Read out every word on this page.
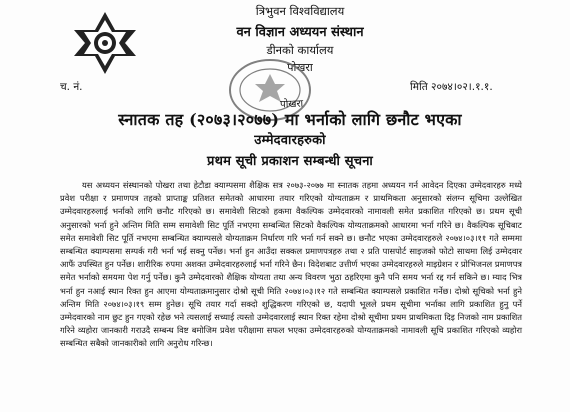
त्रिभुवन विश्वविद्यालय
वन विज्ञान अध्ययन संस्थान
डीनको कार्यालय
पोखरा
च. नं.	मिति २०७४।०२।.१.१.
पोखरा
स्नातक तह (२०७३।२०७७) मा भर्नाको लागि छनौट भएका
उम्मेदवारहरुको
प्रथम सूची प्रकाशन सम्बन्धी सूचना
यस अध्ययन संस्थानको पोखरा तथा हेटौडा क्याम्पसमा शैक्षिक सत्र २०७३-२०७७ मा स्नातक तहमा अध्ययन गर्न आवेदन दिएका उम्मेदवारहरु मध्ये प्रवेश परीक्षा र प्रमाणपत्र तहको प्राप्ताङ्क प्रतिशत समेतको आधारमा तयार गरिएको योग्यताक्रम र प्राथमिकता अनुसारको संलग्न सूचिमा उल्लेखित उम्मेदवारहरुलाई भर्नाको लागि छनौट गरिएको छ। समावेशी सिटको हकमा वैकल्पिक उम्मेदवारको नामावली समेत प्रकाशित गरिएको छ। प्रथम सूची अनुसारको भर्ना हुने अन्तिम मिति सम्म समावेशी सिट पूर्ति नभएमा सम्बन्धित सिटको वैकल्पिक योग्यताक्रमको आधारमा भर्ना गरिने छ। वैकल्पिक सूचिबाट समेत समावेशी सिट पूर्ति नभएमा सम्बन्धित क्याम्पसले योग्यताक्रम निर्धारण गरि भर्ना गर्न सक्ने छ। छनौट भएका उम्मेदवारहरुले २०७४।०३।११ गते सम्ममा सम्बन्धित क्याम्पसमा सम्पर्क गरी भर्ना भई सक्नु पर्नेछ। भर्ना हुन आउँदा सक्कल प्रमाणपत्रहरु तथा २ प्रति पासपोर्ट साइजको फोटो साथमा लिई उम्मेदवार आफैं उपस्थित हुन पर्नेछ। शारीरिक रुपमा अशक्त उम्मेदवारहरुलाई भर्ना गरिने छैन। विदेशबाट उत्तीर्ण भएका उम्मेदवारहरुले माइग्रेशन र प्रोभिजनल प्रमाणपत्र समेत भर्नाको समयमा पेश गर्नु पर्नेछ। कुनै उम्मेदवारको शैक्षिक योग्यता तथा अन्य विवरण भुठा ठहरिएमा कुनै पनि समय भर्ना रद्द गर्न सकिने छ। म्याद भित्र भर्ना हुन नआई स्थान रिक्त हुन आएमा योग्यताक्रमानुसार दोश्रो सूची मिति २०७४।०३।१२ गते सम्बन्धित क्याम्पसले प्रकाशित गर्नेछ। दोश्रो सूचिको भर्ना हुने अन्तिम मिति २०७४।०३।१९ सम्म हुनेछ। सूचि तयार गर्दा सक्दो शुद्धिकरण गरिएको छ, यदापी भूलले प्रथम सूचीमा भर्नाका लागि प्रकाशित हुनु पर्ने उम्मेदवारको नाम छुट हुन गएको रहेछ भने त्यसलाई सच्याई त्यस्तो उम्मेदवारलाई स्थान रिक्त रहेमा दोश्रो सूचीमा प्रथम प्राथमिकता दिइ निजको नाम प्रकाशित गरिने व्यहोरा जानकारी गराउदै सम्बन्ध विष्ट बमोजिम प्रवेश परीक्षामा सफल भएका उम्मेदवारहरुको योग्यताक्रमको नामावली सूचि प्रकाशित गरिएको व्यहोरा सम्बन्धित सबैको जानकारीको लागि अनुरोध गरिन्छ।
